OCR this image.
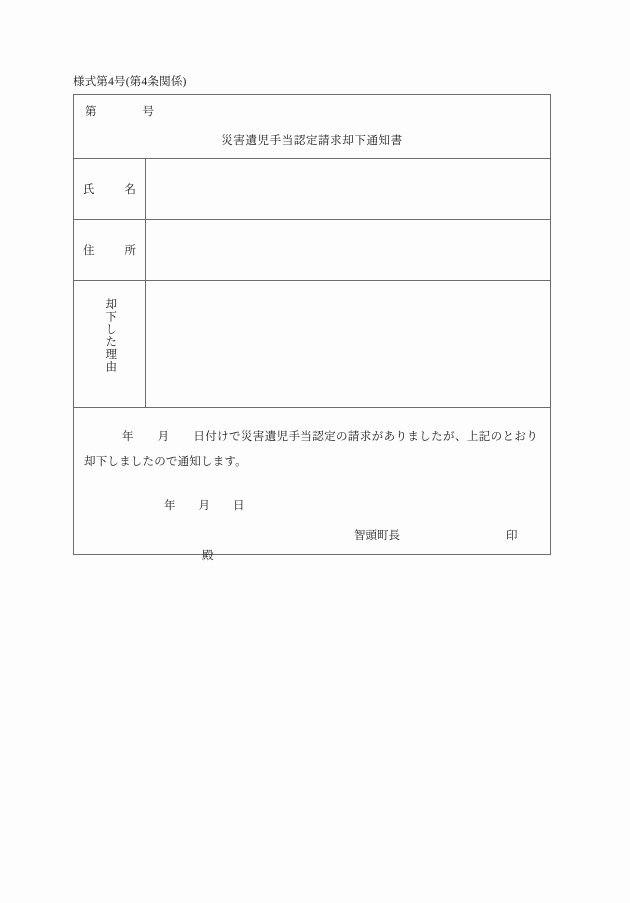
様式第4号(第4条関係)
第　　　　号
災害遺児手当認定請求却下通知書	

氏名	

住所	

却下した理由	

年　　月　　日付けで災害遺児手当認定の請求がありましたが、上記のとおり却下しましたので通知します。
年　　月　　日
智頭町長 印
殿	
